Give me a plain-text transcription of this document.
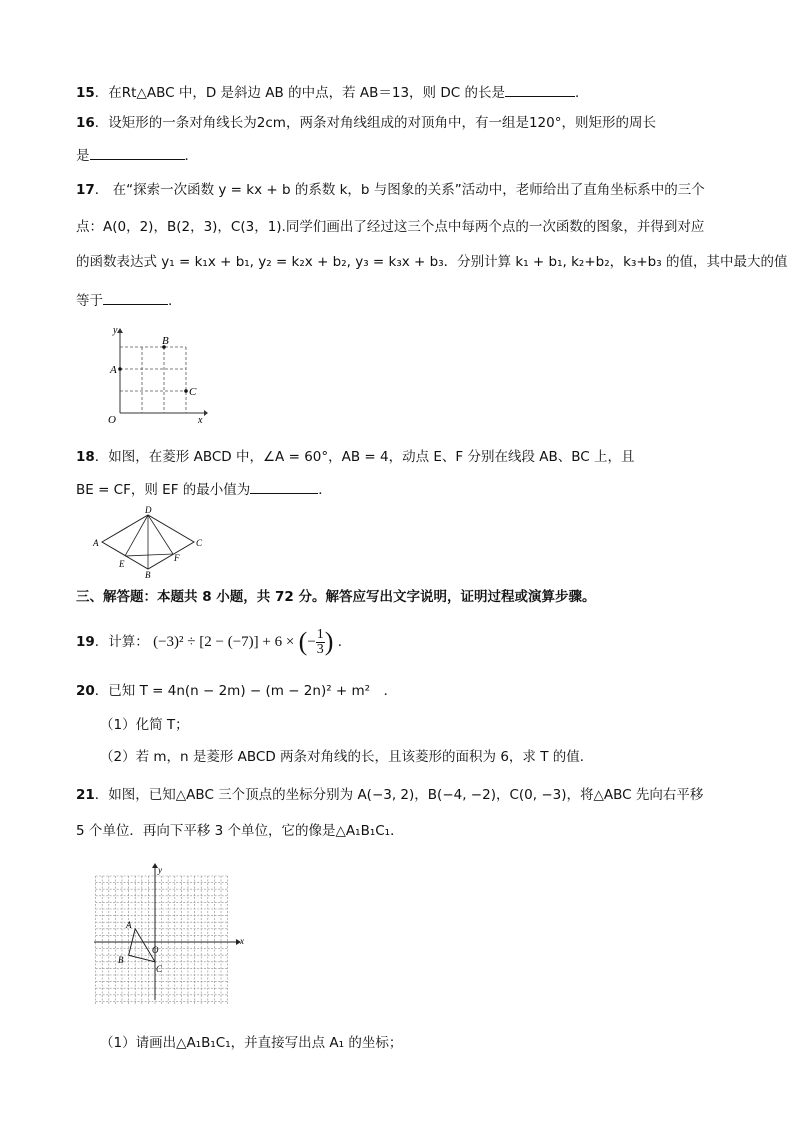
15．在Rt△ABC 中，D 是斜边 AB 的中点，若 AB＝13，则 DC 的长是	．
16．设矩形的一条对角线长为2cm，两条对角线组成的对顶角中，有一组是120°，则矩形的周长
是	．
17． 在“探索一次函数 y = kx + b 的系数 k，b 与图象的关系”活动中，老师给出了直角坐标系中的三个
点：A(0，2)，B(2，3)，C(3，1).同学们画出了经过这三个点中每两个点的一次函数的图象，并得到对应
的函数表达式 y₁ = k₁x + b₁, y₂ = k₂x + b₂, y₃ = k₃x + b₃．分别计算 k₁ + b₁, k₂+b₂，k₃+b₃ 的值，其中最大的值
等于	.
y
x
O
A
B
C
18．如图，在菱形 ABCD 中，∠A = 60°，AB = 4，动点 E、F 分别在线段 AB、BC 上，且
BE = CF，则 EF 的最小值为	．
A
D
C
B
E
F
三、解答题：本题共 8 小题，共 72 分。解答应写出文字说明，证明过程或演算步骤。
19．计算： (−3)² ÷ [2 − (−7)] + 6 × (− $\frac{1}{3}$ ) ．
20．已知 T = 4n(n − 2m) − (m − 2n)² + m²　．
（1）化简 T；
（2）若 m，n 是菱形 ABCD 两条对角线的长，且该菱形的面积为 6，求 T 的值．
21．如图，已知△ABC 三个顶点的坐标分别为 A(−3, 2)，B(−4, −2)，C(0, −3)，将△ABC 先向右平移
5 个单位．再向下平移 3 个单位，它的像是△A₁B₁C₁．
y
x
O
A
B
C
（1）请画出△A₁B₁C₁，并直接写出点 A₁ 的坐标；
